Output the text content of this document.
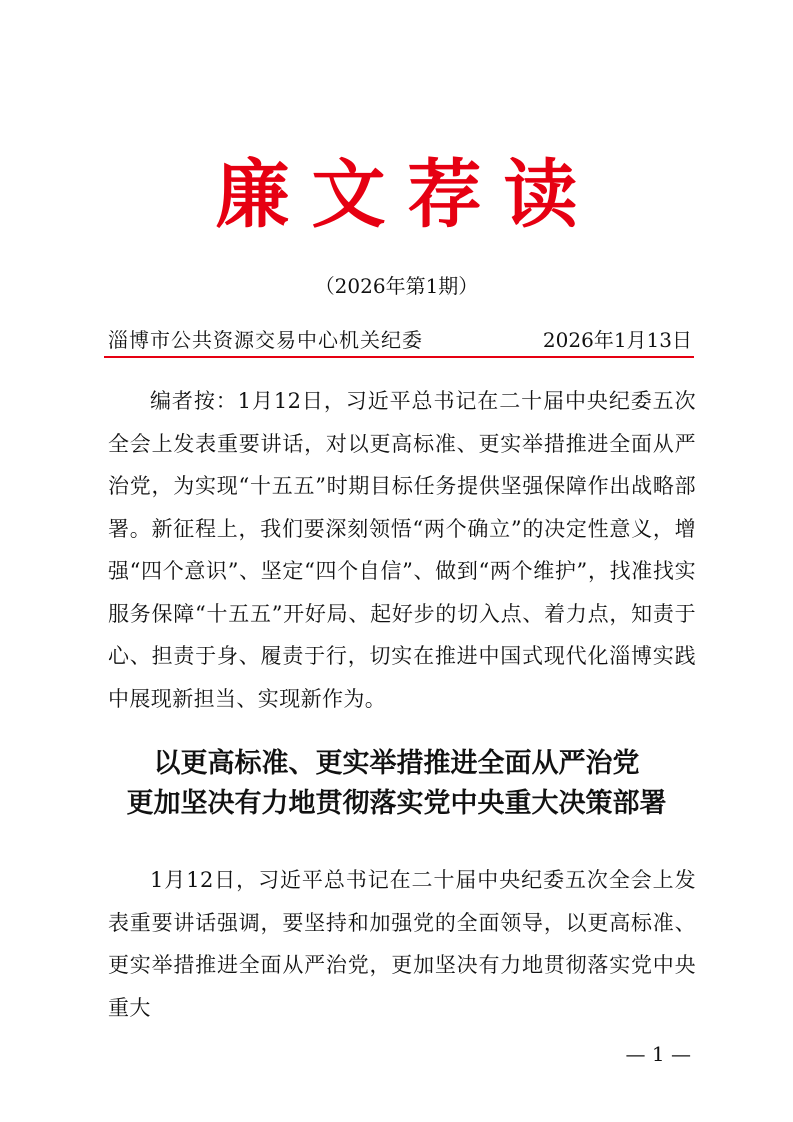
廉文荐读
（2026年第1期）
淄博市公共资源交易中心机关纪委	2026年1月13日
编者按：1月12日，习近平总书记在二十届中央纪委五次全会上发表重要讲话，对以更高标准、更实举措推进全面从严治党，为实现“十五五”时期目标任务提供坚强保障作出战略部署。新征程上，我们要深刻领悟“两个确立”的决定性意义，增强“四个意识”、坚定“四个自信”、做到“两个维护”，找准找实服务保障“十五五”开好局、起好步的切入点、着力点，知责于心、担责于身、履责于行，切实在推进中国式现代化淄博实践中展现新担当、实现新作为。
以更高标准、更实举措推进全面从严治党
更加坚决有力地贯彻落实党中央重大决策部署
1月12日，习近平总书记在二十届中央纪委五次全会上发表重要讲话强调，要坚持和加强党的全面领导，以更高标准、更实举措推进全面从严治党，更加坚决有力地贯彻落实党中央重大
— 1 —
